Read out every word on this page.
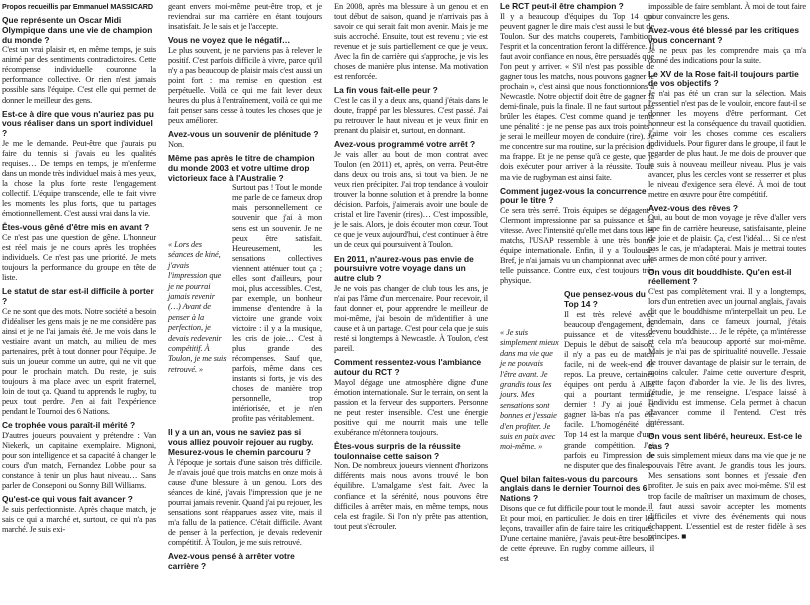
Propos recueillis par Emmanuel MASSICARD

Que représente un Oscar Midi Olympique dans une vie de champion du monde ?

C'est un vrai plaisir et, en même temps, je suis animé par des sentiments contradictoires. Cette récompense individuelle couronne la performance collective. Or rien n'est jamais possible sans l'équipe. C'est elle qui permet de donner le meilleur des gens.

Est-ce à dire que vous n'auriez pas pu vous réaliser dans un sport individuel ?

Je me le demande. Peut-être que j'aurais pu faire du tennis si j'avais eu les qualités requises… De temps en temps, je m'enferme dans un monde très individuel mais à mes yeux, la chose la plus forte reste l'engagement collectif. L'équipe transcende, elle te fait vivre les moments les plus forts, que tu partages émotionnellement. C'est aussi vrai dans la vie.

Êtes-vous gêné d'être mis en avant ?

Ce n'est pas une question de gêne. L'honneur est réel mais je ne cours après les trophées individuels. Ce n'est pas une priorité. Je mets toujours la performance du groupe en tête de liste.

Le statut de star est-il difficile à porter ?

Ce ne sont que des mots. Notre société a besoin d'idéaliser les gens mais je ne me considère pas ainsi et je ne l'ai jamais été. Je me vois dans le vestiaire avant un match, au milieu de mes partenaires, prêt à tout donner pour l'équipe. Je suis un joueur comme un autre, qui ne vit que pour le prochain match. Du reste, je suis toujours à ma place avec un esprit fraternel, loin de tout ça. Quand tu apprends le rugby, tu peux tout perdre. J'en ai fait l'expérience pendant le Tournoi des 6 Nations.

Ce trophée vous paraît-il mérité ?

D'autres joueurs pouvaient y prétendre : Van Niekerk, un capitaine exemplaire. Mignoni, pour son intelligence et sa capacité à changer le cours d'un match, Fernandez Lobbe pour sa constance à tenir un plus haut niveau… Sans parler de Conseponi ou Sonny Bill Williams.

Qu'est-ce qui vous fait avancer ?

Je suis perfectionniste. Après chaque match, je sais ce qui a marché et, surtout, ce qui n'a pas marché. Je suis exi-

geant envers moi-même peut-être trop, et je reviendrai sur ma carrière en étant toujours insatisfait. Je le sais et je l'accepte.

Vous ne voyez que le négatif…

Le plus souvent, je ne parviens pas à relever le positif. C'est parfois difficile à vivre, parce qu'il n'y a pas beaucoup de plaisir mais c'est aussi un point fort : ma remise en question est perpétuelle. Voilà ce qui me fait lever deux heures du plus à l'entraînement, voilà ce qui me fait penser sans cesse à toutes les choses que je peux améliorer.

Avez-vous un souvenir de plénitude ?

Non.

Même pas après le titre de champion du monde 2003 et votre ultime drop victorieux face à l'Australie ?

Surtout pas ! Tout le monde me parle de ce fameux drop mais personnellement ce souvenir que j'ai à mon sens est un souvenir. Je ne peux être satisfait. Heureusement, les sensations collectives viennent atténuer tout ça ; elles sont d'ailleurs, pour moi, plus accessibles. C'est, par exemple, un bonheur immense d'entendre à la victoire une grande voix victoire : il y a la musique, les cris de joie… C'est à plus grande des récompenses. Sauf que, parfois, même dans ces instants si forts, je vis des choses de manière trop personnelle, trop intériorisée, et je n'en profite pas véritablement.

Il y a un an, vous ne saviez pas si vous alliez pouvoir rejouer au rugby. Mesurez-vous le chemin parcouru ?

À l'époque je sortais d'une saison très difficile. Je n'avais joué que trois matchs en onze mois à cause d'une blessure à un genou. Lors des séances de kiné, j'avais l'impression que je ne pourrai jamais revenir. Quand j'ai pu rejouer, les sensations sont réapparues assez vite, mais il m'a fallu de la patience. C'était difficile. Avant de penser à la perfection, je devais redevenir compétitif. À Toulon, je me suis retrouvé.

Avez-vous pensé à arrêter votre carrière ?

« Lors des séances de kiné, j'avais l'impression que je ne pourrai jamais revenir (…) Avant de penser à la perfection, je devais redevenir compétitif. À Toulon, je me suis retrouvé. »

En 2008, après ma blessure à un genou et en tout début de saison, quand je n'arrivais pas à savoir ce qui serait fait mon avenir. Mais je me suis accroché. Ensuite, tout est revenu ; vie est revenue et je suis partiellement ce que je veux. Avec la fin de carrière qui s'approche, je vis les choses de manière plus intense. Ma motivation est renforcée.

La fin vous fait-elle peur ?

C'est le cas il y a deux ans, quand j'étais dans le doute, frappé par les blessures. C'est passé. J'ai pu retrouver le haut niveau et je veux finir en prenant du plaisir et, surtout, en donnant.

Avez-vous programmé votre arrêt ?

Je vais aller au bout de mon contrat avec Toulon (en 2011) et, après, on verra. Peut-être dans deux ou trois ans, si tout va bien. Je ne veux rien précipiter. J'ai trop tendance à vouloir trouver la bonne solution et à prendre la bonne décision. Parfois, j'aimerais avoir une boule de cristal et lire l'avenir (rires)… C'est impossible, je le sais. Alors, je dois écouter mon cœur. Tout ce que je veux aujourd'hui, c'est continuer à être un de ceux qui poursuivent à Toulon.

En 2011, n'aurez-vous pas envie de poursuivre votre voyage dans un autre club ?

Je ne vois pas changer de club tous les ans, je n'ai pas l'âme d'un mercenaire. Pour recevoir, il faut donner et, pour apprendre le meilleur de moi-même, j'ai besoin de m'identifier à une cause et à un partage. C'est pour cela que je suis resté si longtemps à Newcastle. À Toulon, c'est pareil.

Comment ressentez-vous l'ambiance autour du RCT ?

Mayol dégage une atmosphère digne d'une émotion internationale. Sur le terrain, on sent la passion et la ferveur des supporters. Personne ne peut rester insensible. C'est une énergie positive qui me nourrit mais une telle exubérance m'étonnera toujours.

Êtes-vous surpris de la réussite toulonnaise cette saison ?

Non. De nombreux joueurs viennent d'horizons différents mais nous avons trouvé le bon équilibre. L'amalgame s'est fait. Avec la confiance et la sérénité, nous pouvons être difficiles à arrêter mais, en même temps, nous cela est fragile. Si l'on n'y prête pas attention, tout peut s'écrouler.

Le RCT peut-il être champion ?

Il y a beaucoup d'équipes du Top 14 qui peuvent gagner le dire mais c'est aussi le but de Toulon. Sur des matchs couperets, l'ambition, l'esprit et la concentration feront la différence. Il faut avoir confiance en nous, être persuadés que l'on peut y arriver. « S'il n'est pas possible de gagner tous les matchs, nous pouvons gagner le prochain », c'est ainsi que nous fonctionnions à Newcastle. Notre objectif doit être de gagner la demi-finale, puis la finale. Il ne faut surtout pas brûler les étapes. C'est comme quand je tente une pénalité : je ne pense pas aux trois points ; je serai le meilleur moyen de conduire (rire). Je me concentre sur ma routine, sur la précision de ma frappe. Et je ne pense qu'à ce geste, que je dois exécuter pour arriver à la réussite. Toute ma vie de rugbyman est ainsi faite.

Comment jugez-vous la concurrence pour le titre ?

Ce sera très serré. Trois équipes se dégagent : Clermont impressionne par sa puissance et sa vitesse. Avec l'intensité qu'elle met dans tous les matchs, l'USAP ressemble à une très bonne équipe internationale. Enfin, il y a Toulouse. Bref, je n'ai jamais vu un championnat avec une telle puissance. Contre eux, c'est toujours très physique.

Que pensez-vous du Top 14 ?

Il est très relevé avec beaucoup d'engagement, de puissance et de vitesse. Depuis le début de saison, il n'y a pas eu de match facile, ni de week-end de repos. La preuve, certaines équipes ont perdu à Albi qui a pourtant terminé dernier ! J'y ai joué et gagner là-bas n'a pas été facile. L'homogénéité du Top 14 est la marque d'une grande compétition. J'ai parfois eu l'impression de ne disputer que des finales.

Quel bilan faites-vous du parcours anglais dans le dernier Tournoi des 6 Nations ?

Disons que ce fut difficile pour tout le monde… Et pour moi, en particulier. Je dois en tirer les leçons, travailler afin de faire taire les critiques. D'une certaine manière, j'avais peut-être besoin de cette épreuve. En rugby comme ailleurs, il est

« Je suis simplement mieux dans ma vie que je ne pouvais l'être avant. Je grandis tous les jours. Mes sensations sont bonnes et j'essaie d'en profiter. Je suis en paix avec moi-même. »

impossible de faire semblant. À moi de tout faire pour convaincre les gens.

Avez-vous été blessé par les critiques vous concernant ?

Je ne peux pas les comprendre mais ça m'a donné des indications pour la suite.

Le XV de la Rose fait-il toujours partie de vos objectifs ?

Je n'ai pas été un cran sur la sélection. Mais l'essentiel n'est pas de le vouloir, encore faut-il se donner les moyens d'être performant. Cet honneur est la conséquence du travail quotidien. J'aime voir les choses comme ces escaliers individuels. Pour figurer dans le groupe, il faut le regarder de plus haut. Je me dois de prouver que je suis à nouveau meilleur niveau. Plus je vais avancer, plus les cercles vont se resserrer et plus le niveau d'exigence sera élevé. À moi de tout mettre en œuvre pour être compétitif.

Avez-vous des rêves ?

Oui, au bout de mon voyage je rêve d'aller vers une fin de carrière heureuse, satisfaisante, pleine de joie et de plaisir. Ça, c'est l'idéal… Si ce n'est pas le cas, je m'adapterai. Mais je mettrai toutes les armes de mon côté pour y arriver.

On vous dit bouddhiste. Qu'en est-il réellement ?

C'est pas complètement vrai. Il y a longtemps, lors d'un entretien avec un journal anglais, j'avais dit que le bouddhisme m'interpellait un peu. Le lendemain, dans ce fameux journal, j'étais devenu bouddhiste… Je le répète, ça m'intéresse et cela m'a beaucoup apporté sur moi-même. Mais je n'ai pas de spiritualité nouvelle. J'essaie de trouver davantage de plaisir sur le terrain, de moins calculer. J'aime cette ouverture d'esprit, cette façon d'aborder la vie. Je lis des livres, j'étudie, je me renseigne. L'espace laissé à l'individu est immense. Cela permet à chacun d'avancer comme il l'entend. C'est très intéressant.

On vous sent libéré, heureux. Est-ce le cas ?

Je suis simplement mieux dans ma vie que je ne pouvais l'être avant. Je grandis tous les jours. Mes sensations sont bonnes et j'essaie d'en profiter. Je suis en paix avec moi-même. S'il est trop facile de maîtriser un maximum de choses, il faut aussi savoir accepter les moments difficiles et vivre des événements qui nous échappent. L'essentiel est de rester fidèle à ses principes. ■
